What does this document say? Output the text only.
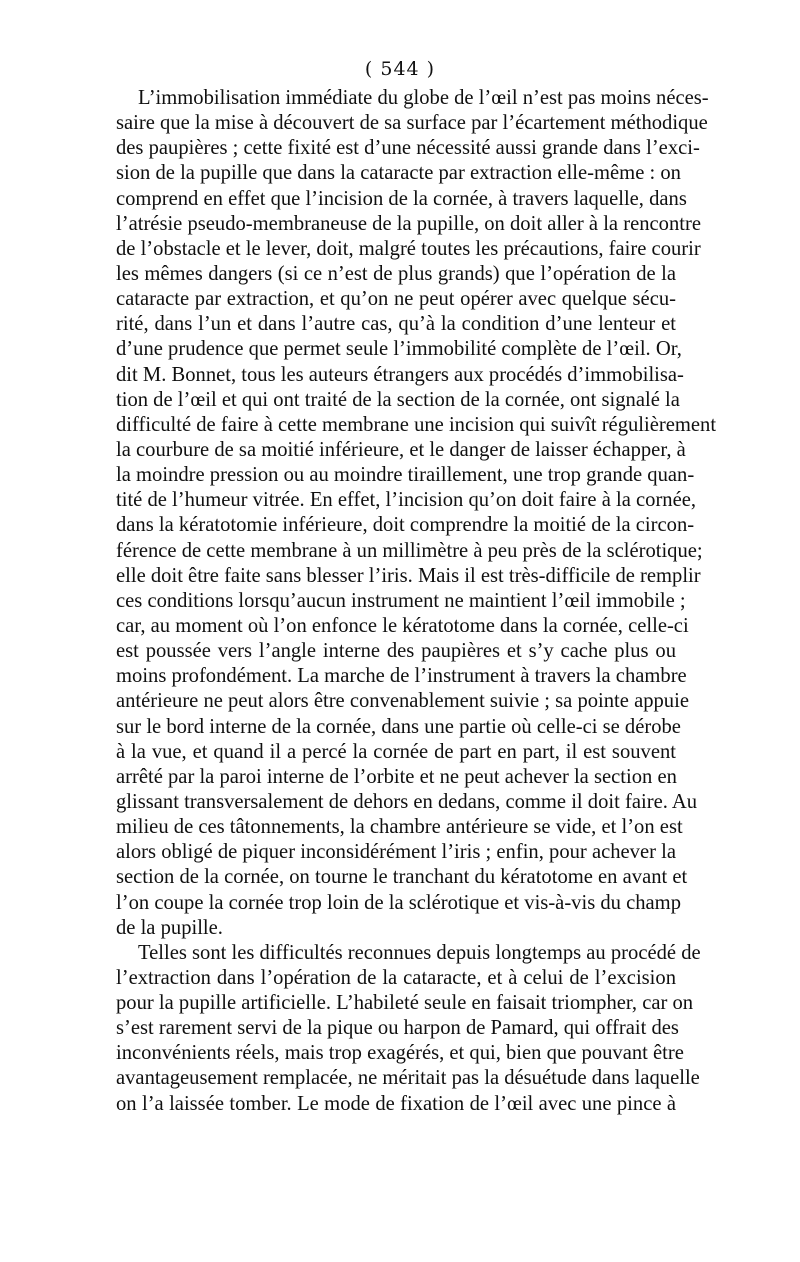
( 544 )
L’immobilisation immédiate du globe de l’œil n’est pas moins néces-
saire que la mise à découvert de sa surface par l’écartement méthodique
des paupières ; cette fixité est d’une nécessité aussi grande dans l’exci-
sion de la pupille que dans la cataracte par extraction elle-même : on
comprend en effet que l’incision de la cornée, à travers laquelle, dans
l’atrésie pseudo-membraneuse de la pupille, on doit aller à la rencontre
de l’obstacle et le lever, doit, malgré toutes les précautions, faire courir
les mêmes dangers (si ce n’est de plus grands) que l’opération de la
cataracte par extraction, et qu’on ne peut opérer avec quelque sécu-
rité, dans l’un et dans l’autre cas, qu’à la condition d’une lenteur et
d’une prudence que permet seule l’immobilité complète de l’œil. Or,
dit M. Bonnet, tous les auteurs étrangers aux procédés d’immobilisa-
tion de l’œil et qui ont traité de la section de la cornée, ont signalé la
difficulté de faire à cette membrane une incision qui suivît régulièrement
la courbure de sa moitié inférieure, et le danger de laisser échapper, à
la moindre pression ou au moindre tiraillement, une trop grande quan-
tité de l’humeur vitrée. En effet, l’incision qu’on doit faire à la cornée,
dans la kératotomie inférieure, doit comprendre la moitié de la circon-
férence de cette membrane à un millimètre à peu près de la sclérotique;
elle doit être faite sans blesser l’iris. Mais il est très-difficile de remplir
ces conditions lorsqu’aucun instrument ne maintient l’œil immobile ;
car, au moment où l’on enfonce le kératotome dans la cornée, celle-ci
est poussée vers l’angle interne des paupières et s’y cache plus ou
moins profondément. La marche de l’instrument à travers la chambre
antérieure ne peut alors être convenablement suivie ; sa pointe appuie
sur le bord interne de la cornée, dans une partie où celle-ci se dérobe
à la vue, et quand il a percé la cornée de part en part, il est souvent
arrêté par la paroi interne de l’orbite et ne peut achever la section en
glissant transversalement de dehors en dedans, comme il doit faire. Au
milieu de ces tâtonnements, la chambre antérieure se vide, et l’on est
alors obligé de piquer inconsidérément l’iris ; enfin, pour achever la
section de la cornée, on tourne le tranchant du kératotome en avant et
l’on coupe la cornée trop loin de la sclérotique et vis-à-vis du champ
de la pupille.
Telles sont les difficultés reconnues depuis longtemps au procédé de
l’extraction dans l’opération de la cataracte, et à celui de l’excision
pour la pupille artificielle. L’habileté seule en faisait triompher, car on
s’est rarement servi de la pique ou harpon de Pamard, qui offrait des
inconvénients réels, mais trop exagérés, et qui, bien que pouvant être
avantageusement remplacée, ne méritait pas la désuétude dans laquelle
on l’a laissée tomber. Le mode de fixation de l’œil avec une pince à
